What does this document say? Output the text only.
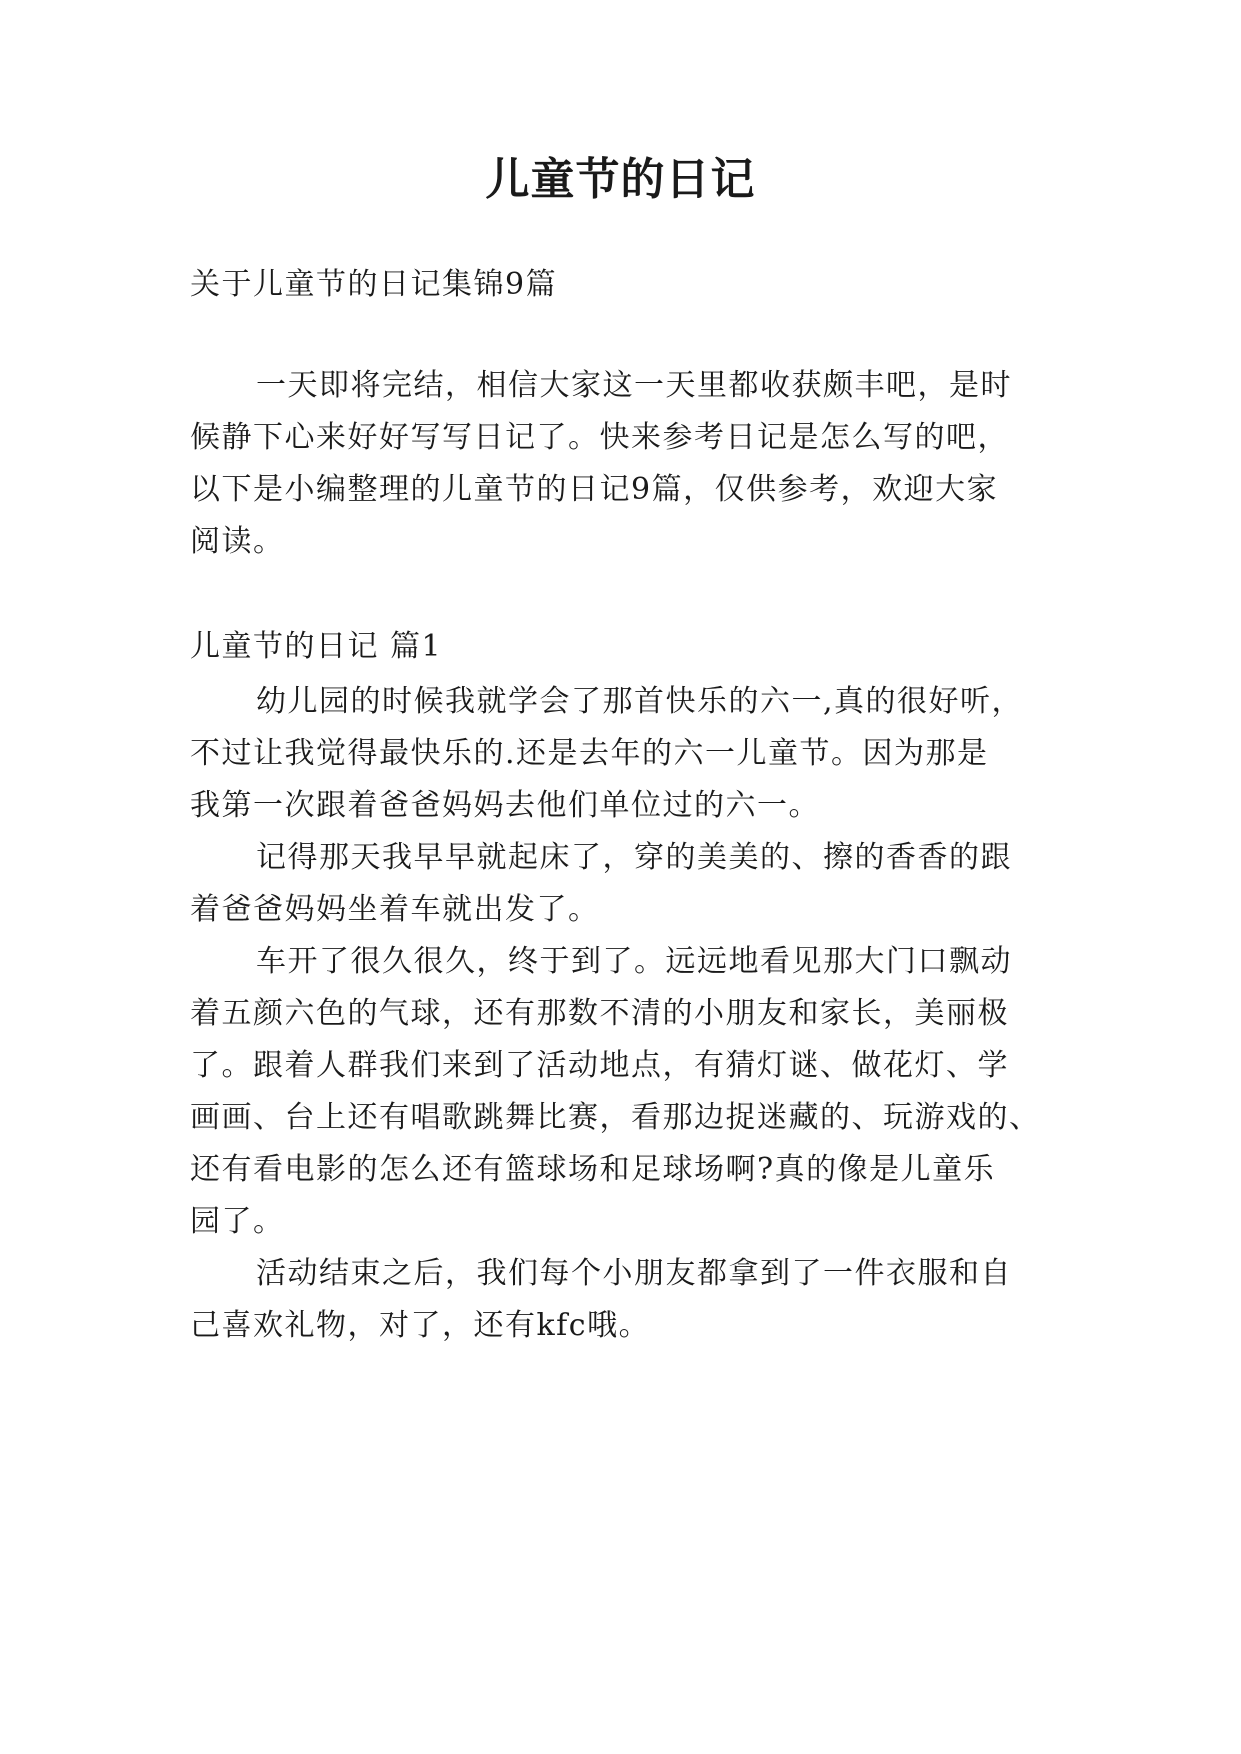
儿童节的日记
关于儿童节的日记集锦9篇
一天即将完结，相信大家这一天里都收获颇丰吧，是时
候静下心来好好写写日记了。快来参考日记是怎么写的吧，
以下是小编整理的儿童节的日记9篇，仅供参考，欢迎大家
阅读。
儿童节的日记 篇1
幼儿园的时候我就学会了那首快乐的六一,真的很好听，
不过让我觉得最快乐的.还是去年的六一儿童节。因为那是
我第一次跟着爸爸妈妈去他们单位过的六一。
记得那天我早早就起床了，穿的美美的、擦的香香的跟
着爸爸妈妈坐着车就出发了。
车开了很久很久，终于到了。远远地看见那大门口飘动
着五颜六色的气球，还有那数不清的小朋友和家长，美丽极
了。跟着人群我们来到了活动地点，有猜灯谜、做花灯、学
画画、台上还有唱歌跳舞比赛，看那边捉迷藏的、玩游戏的、
还有看电影的怎么还有篮球场和足球场啊?真的像是儿童乐
园了。
活动结束之后，我们每个小朋友都拿到了一件衣服和自
己喜欢礼物，对了，还有kfc哦。
